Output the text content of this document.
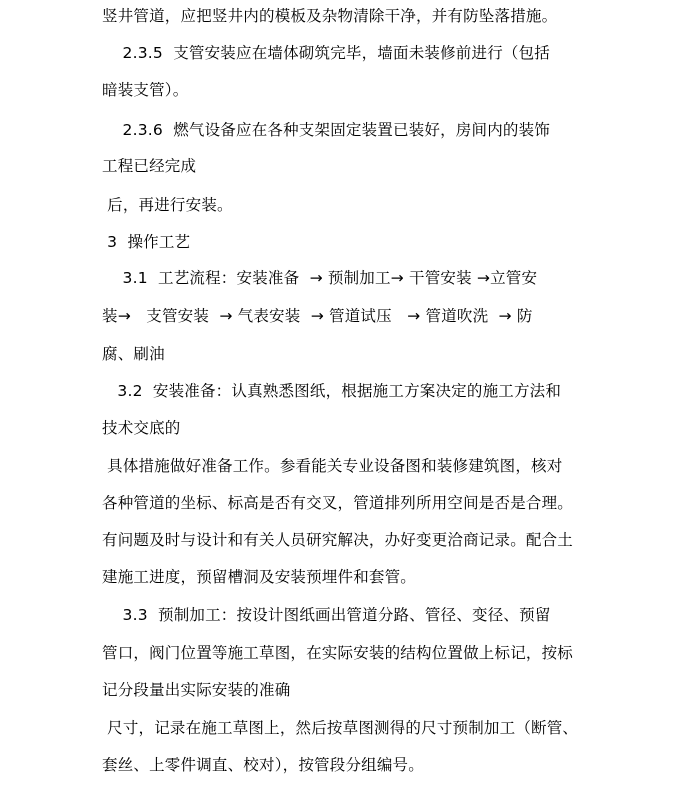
竖井管道，应把竖井内的模板及杂物清除干净，并有防坠落措施。
2.3.5  支管安装应在墙体砌筑完毕，墙面未装修前进行（包括
暗装支管）。
2.3.6  燃气设备应在各种支架固定装置已装好，房间内的装饰
工程已经完成
后，再进行安装。
3  操作工艺
3.1  工艺流程：安装准备  → 预制加工→ 干管安装 →立管安
装→   支管安装  → 气表安装  → 管道试压   → 管道吹洗  → 防
腐、刷油
3.2  安装准备：认真熟悉图纸，根据施工方案决定的施工方法和
技术交底的
具体措施做好准备工作。参看能关专业设备图和装修建筑图，核对
各种管道的坐标、标高是否有交叉，管道排列所用空间是否是合理。
有问题及时与设计和有关人员研究解决，办好变更洽商记录。配合土
建施工进度，预留槽洞及安装预埋件和套管。
3.3  预制加工：按设计图纸画出管道分路、管径、变径、预留
管口，阀门位置等施工草图，在实际安装的结构位置做上标记，按标
记分段量出实际安装的准确
尺寸，记录在施工草图上，然后按草图测得的尺寸预制加工（断管、
套丝、上零件调直、校对），按管段分组编号。
